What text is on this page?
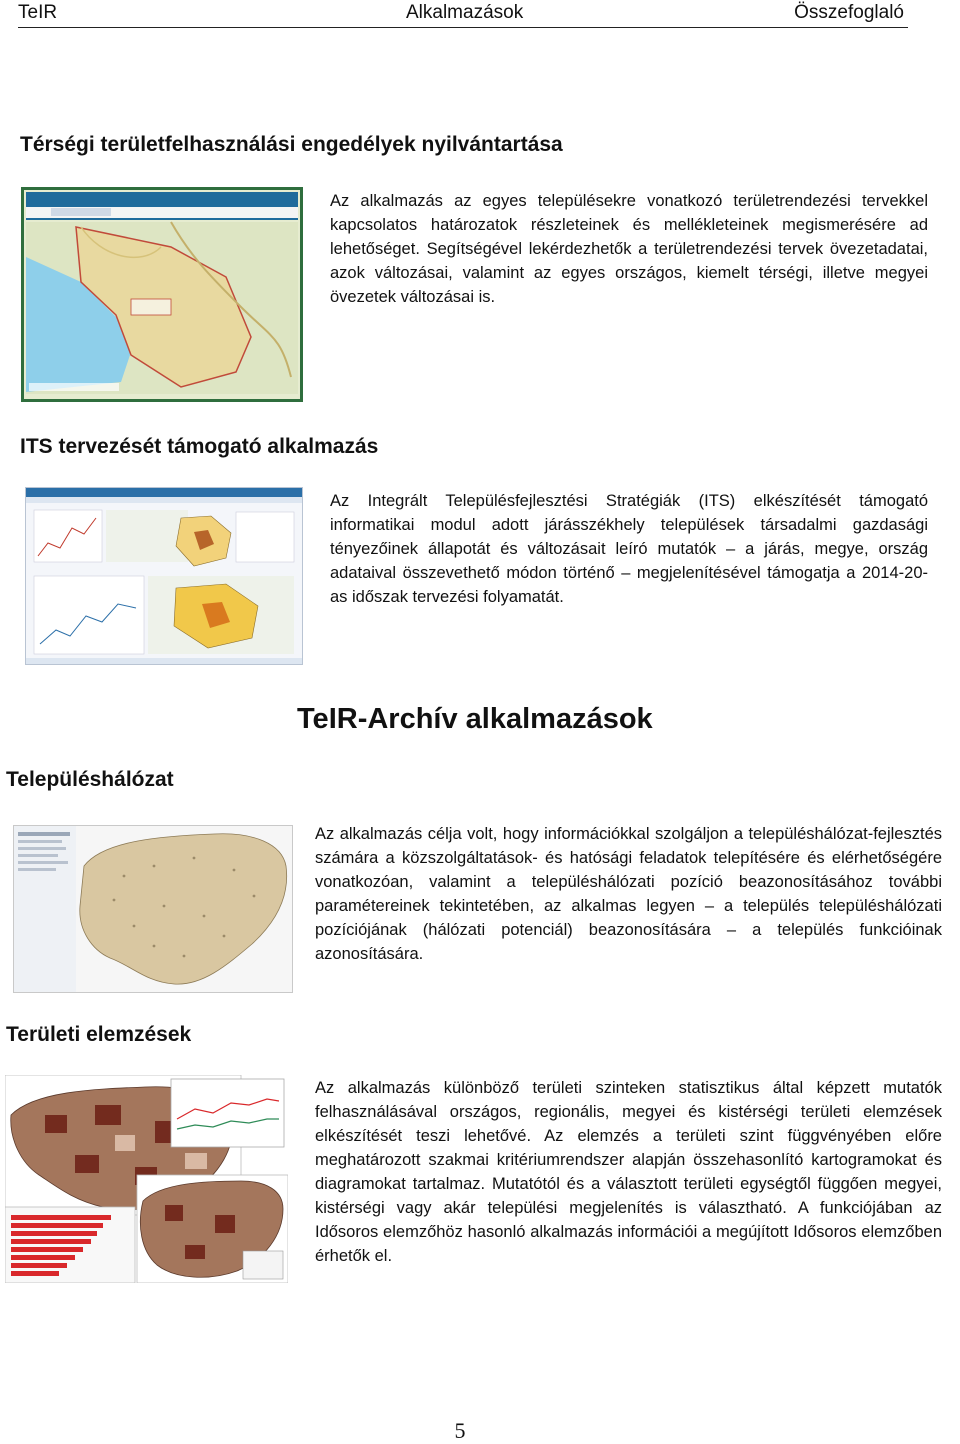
TeIR	Alkalmazások	Összefoglaló
Térségi területfelhasználási engedélyek nyilvántartása

Az alkalmazás az egyes településekre vonatkozó területrendezési tervekkel kapcsolatos határozatok részleteinek és mellékleteinek megismerésére ad lehetőséget. Segítségével lekérdezhetők a területrendezési tervek övezetadatai, azok változásai, valamint az egyes országos, kiemelt térségi, illetve megyei övezetek változásai is.

ITS tervezését támogató alkalmazás

Az Integrált Településfejlesztési Stratégiák (ITS) elkészítését támogató informatikai modul adott járásszékhely települések társadalmi gazdasági tényezőinek állapotát és változásait leíró mutatók – a járás, megye, ország adataival összevethető módon történő – megjelenítésével támogatja a 2014-20-as időszak tervezési folyamatát.

TeIR-Archív alkalmazások
Településhálózat

Az alkalmazás célja volt, hogy információkkal szolgáljon a településhálózat-fejlesztés számára a közszolgáltatások- és hatósági feladatok telepítésére és elérhetőségére vonatkozóan, valamint a településhálózati pozíció beazonosításához további paramétereinek tekintetében, az alkalmas legyen – a település településhálózati pozíciójának (hálózati potenciál) beazonosítására – a település funkcióinak azonosítására.

Területi elemzések

Az alkalmazás különböző területi szinteken statisztikus által képzett mutatók felhasználásával országos, regionális, megyei és kistérségi területi elemzések elkészítését teszi lehetővé. Az elemzés a területi szint függvényében előre meghatározott szakmai kritériumrendszer alapján összehasonlító kartogramokat és diagramokat tartalmaz. Mutatótól és a választott területi egységtől függően megyei, kistérségi vagy akár települési megjelenítés is választható. A funkciójában az Idősoros elemzőhöz hasonló alkalmazás információi a megújított Idősoros elemzőben érhetők el.

5
